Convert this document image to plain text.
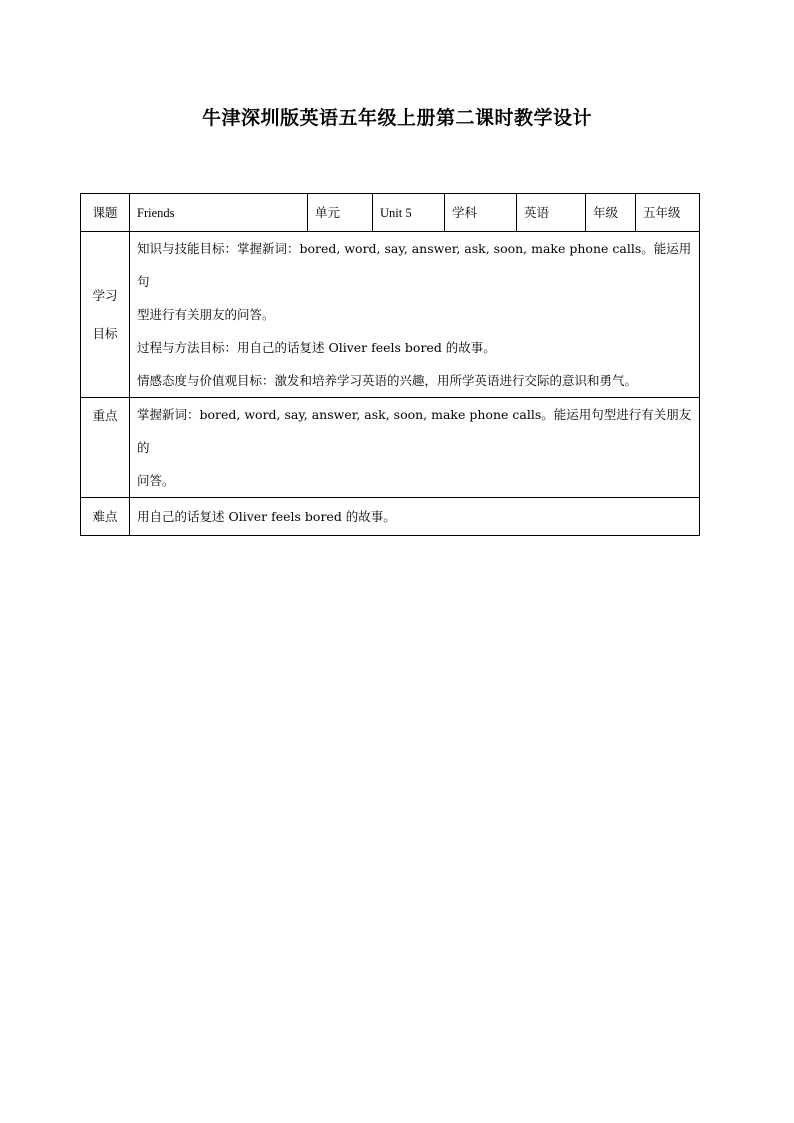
牛津深圳版英语五年级上册第二课时教学设计
课题	Friends	单元	Unit 5	学科	英语	年级	五年级

学习
目标	知识与技能目标：掌握新词：bored, word, say, answer, ask, soon, make phone calls。能运用句
型进行有关朋友的问答。
过程与方法目标：用自己的话复述 Oliver feels bored 的故事。
情感态度与价值观目标：激发和培养学习英语的兴趣，用所学英语进行交际的意识和勇气。						

重点	掌握新词：bored, word, say, answer, ask, soon, make phone calls。能运用句型进行有关朋友的
问答。						

难点	用自己的话复述 Oliver feels bored 的故事。						
